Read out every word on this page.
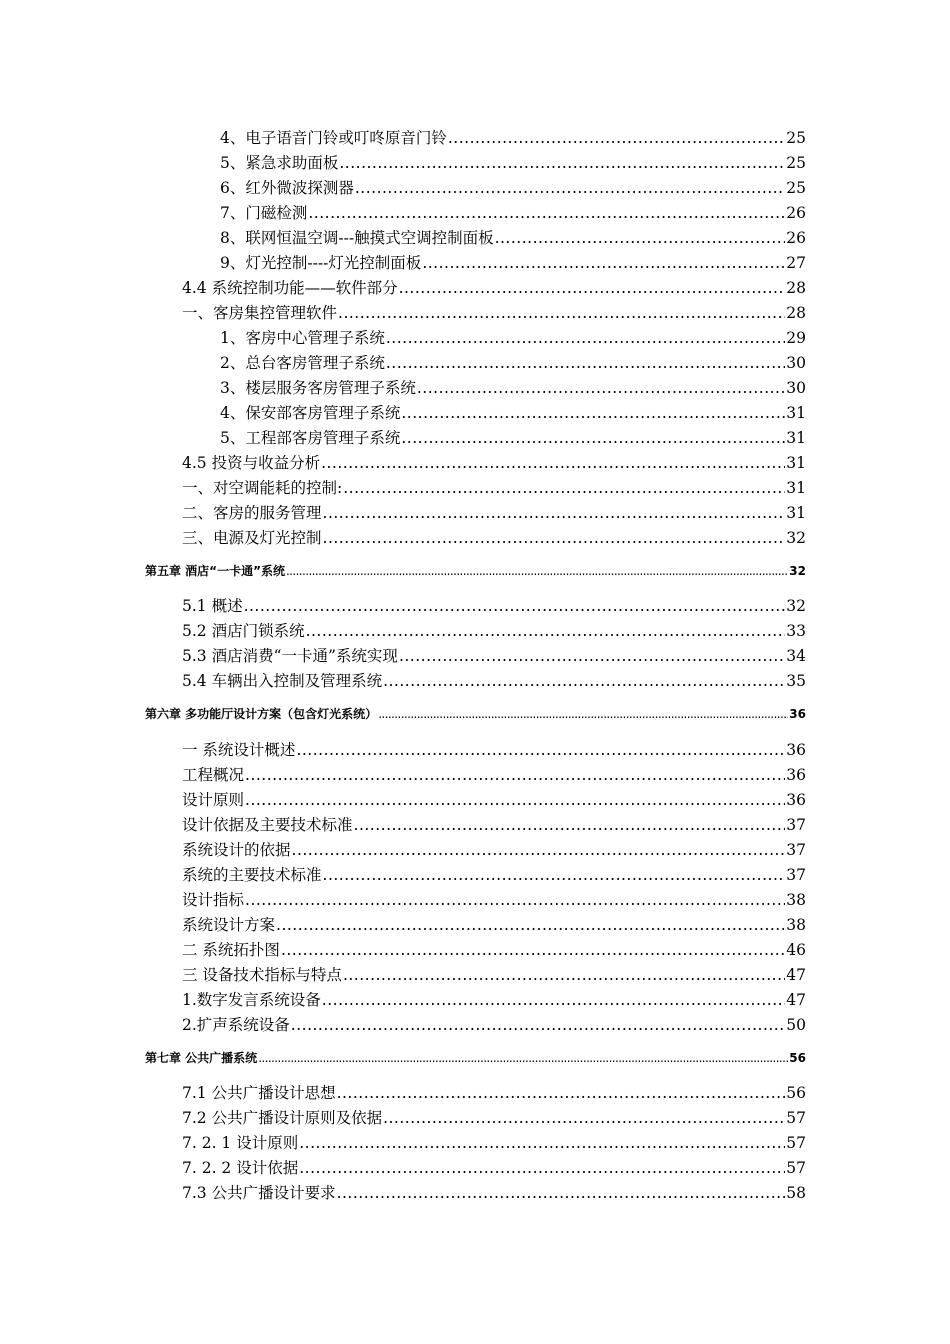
4、电子语音门铃或叮咚原音门铃 .....	25
5、紧急求助面板 .....	25
6、红外微波探测器 .....	25
7、门磁检测 .....	26
8、联网恒温空调---触摸式空调控制面板 .....	26
9、灯光控制----灯光控制面板 .....	27
4.4 系统控制功能——软件部分 .....	28
一、客房集控管理软件 .....	28
1、客房中心管理子系统 .....	29
2、总台客房管理子系统 .....	30
3、楼层服务客房管理子系统 .....	30
4、保安部客房管理子系统 .....	31
5、工程部客房管理子系统 .....	31
4.5 投资与收益分析 .....	31
一、对空调能耗的控制: .....	31
二、客房的服务管理 .....	31
三、电源及灯光控制 .....	32
第五章 酒店“一卡通”系统 .....	32
5.1 概述 .....	32
5.2 酒店门锁系统 .....	33
5.3 酒店消费“一卡通”系统实现 .....	34
5.4 车辆出入控制及管理系统 .....	35
第六章 多功能厅设计方案（包含灯光系统） .....	36
一 系统设计概述 .....	36
工程概况 .....	36
设计原则 .....	36
设计依据及主要技术标准 .....	37
系统设计的依据 .....	37
系统的主要技术标准 .....	37
设计指标 .....	38
系统设计方案 .....	38
二 系统拓扑图 .....	46
三 设备技术指标与特点 .....	47
1.数字发言系统设备 .....	47
2.扩声系统设备 .....	50
第七章 公共广播系统 .....	56
7.1 公共广播设计思想 .....	56
7.2 公共广播设计原则及依据 .....	57
7. 2. 1 设计原则 .....	57
7. 2. 2 设计依据 .....	57
7.3 公共广播设计要求 .....	58
